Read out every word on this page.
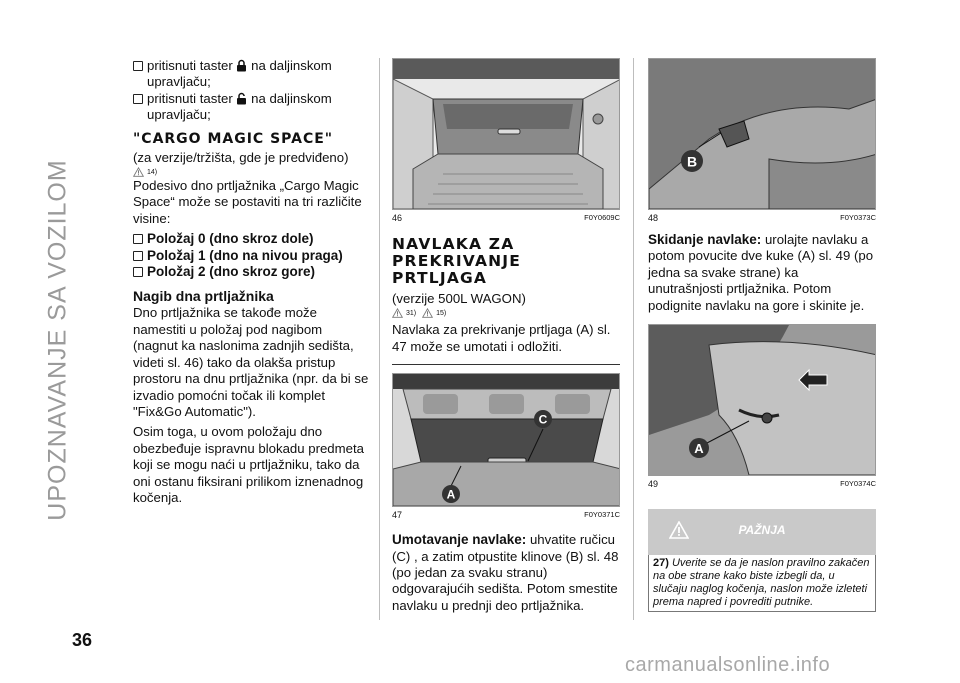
UPOZNAVANJE SA VOZILOM
36
carmanualsonline.info
pritisnuti taster na daljinskom upravljaču;
pritisnuti taster na daljinskom upravljaču;
"CARGO MAGIC SPACE"
(za verzije/tržišta, gde je predviđeno)
14)

Podesivo dno prtljažnika „Cargo Magic Space“ može se postaviti na tri različite visine:

Položaj 0 (dno skroz dole)
Položaj 1 (dno na nivou praga)
Položaj 2 (dno skroz gore)
Nagib dna prtljažnika

Dno prtljažnika se takođe može namestiti u položaj pod nagibom (nagnut ka naslonima zadnjih sedišta, videti sl. 46) tako da olakša pristup prostoru na dnu prtljažnika (npr. da bi se izvadio pomoćni točak ili komplet "Fix&Go Automatic").

Osim toga, u ovom položaju dno obezbeđuje ispravnu blokadu predmeta koji se mogu naći u prtljažniku, tako da oni ostanu fiksirani prilikom iznenadnog kočenja.

46	F0Y0609C
NAVLAKA ZA PREKRIVANJE PRTLJAGA
(verzije 500L WAGON)
31)	15)

Navlaka za prekrivanje prtljaga (A) sl. 47 može se umotati i odložiti.

C
A
47	F0Y0371C

Umotavanje navlake: uhvatite ručicu (C) , a zatim otpustite klinove (B) sl. 48 (po jedan za svaku stranu) odgovarajućih sedišta. Potom smestite navlaku u prednji deo prtljažnika.

B
48	F0Y0373C

Skidanje navlake: urolajte navlaku a potom povucite dve kuke (A) sl. 49 (po jedna sa svake strane) ka unutrašnjosti prtljažnika. Potom podignite navlaku na gore i skinite je.

A
49	F0Y0374C
PAŽNJA
27) Uverite se da je naslon pravilno zakačen na obe strane kako biste izbegli da, u slučaju naglog kočenja, naslon može izleteti prema napred i povrediti putnike.
